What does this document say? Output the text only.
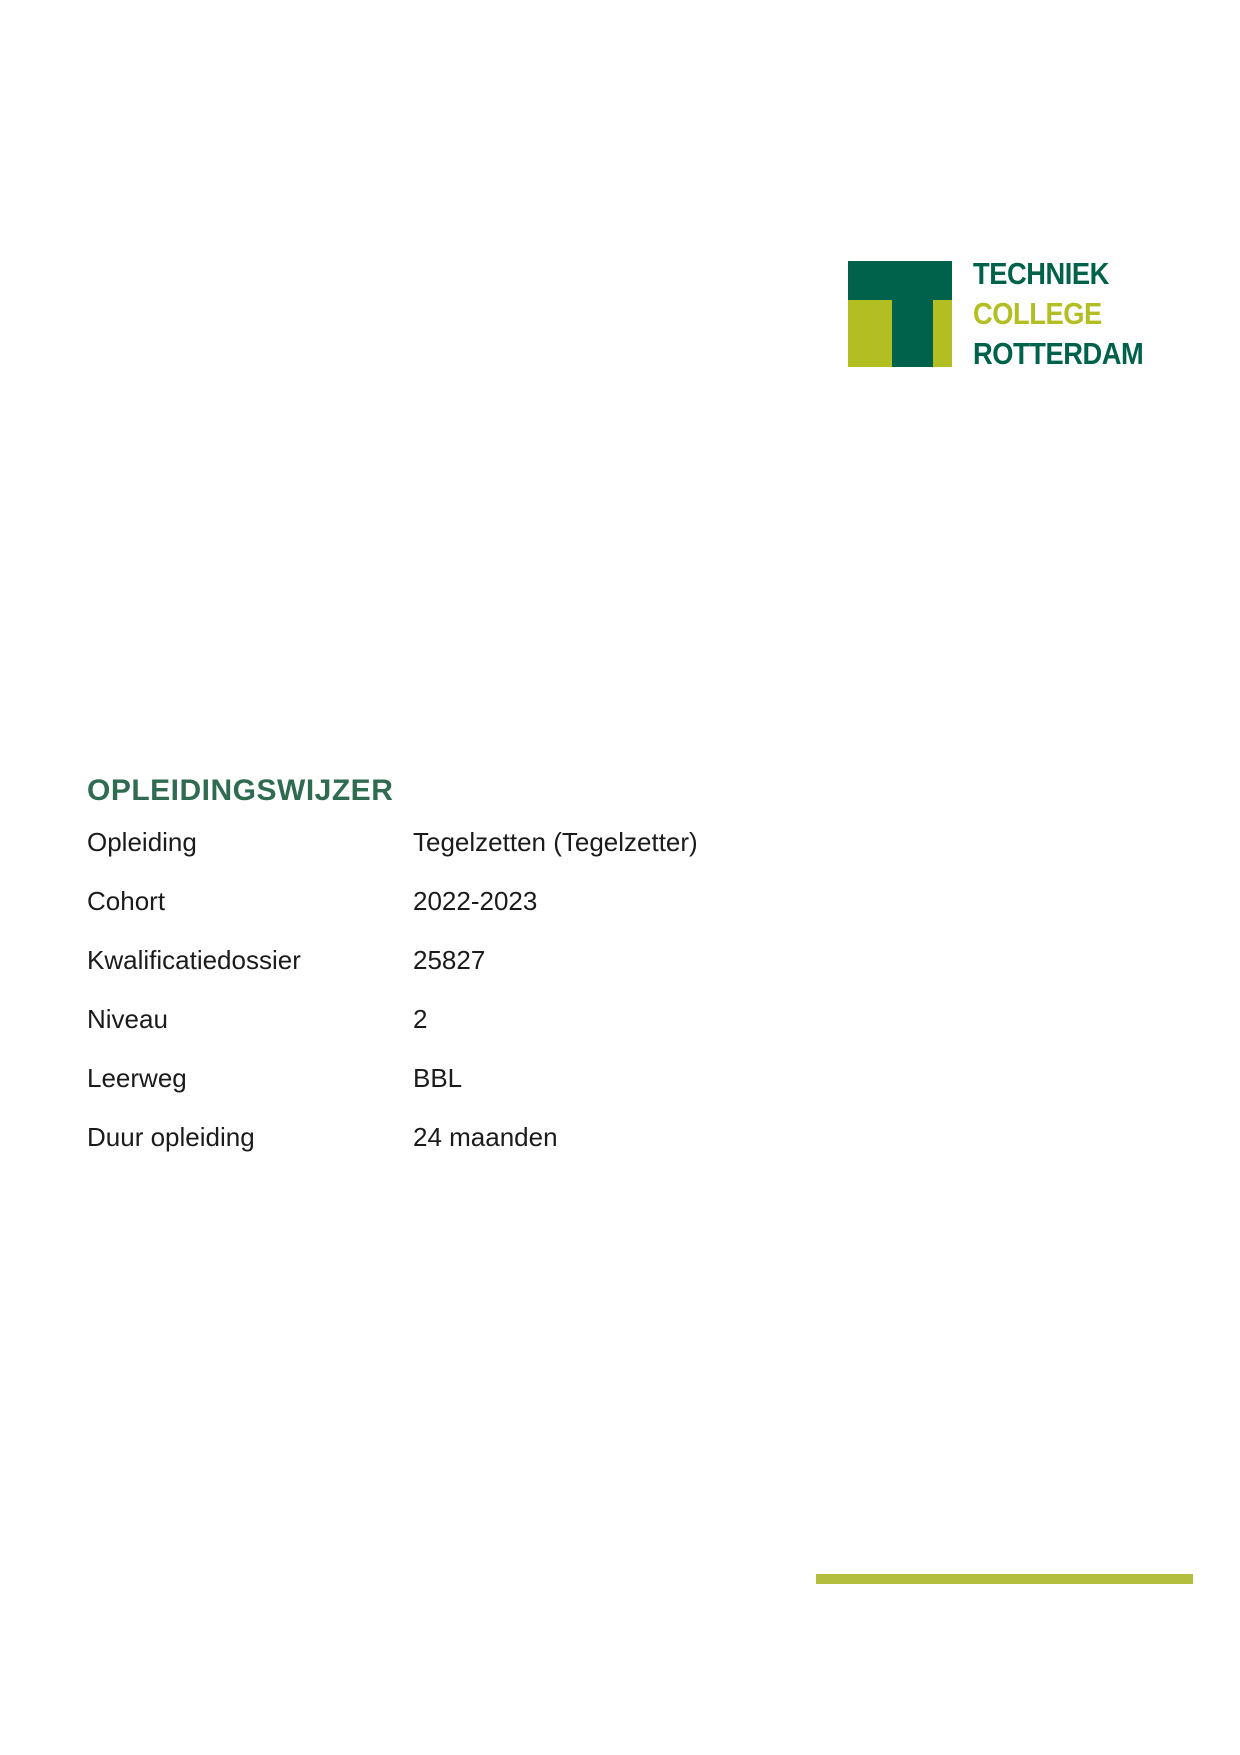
TECHNIEK
COLLEGE
ROTTERDAM
OPLEIDINGSWIJZER
Opleiding	Tegelzetten (Tegelzetter)
Cohort	2022-2023
Kwalificatiedossier	25827
Niveau	2
Leerweg	BBL
Duur opleiding	24 maanden
